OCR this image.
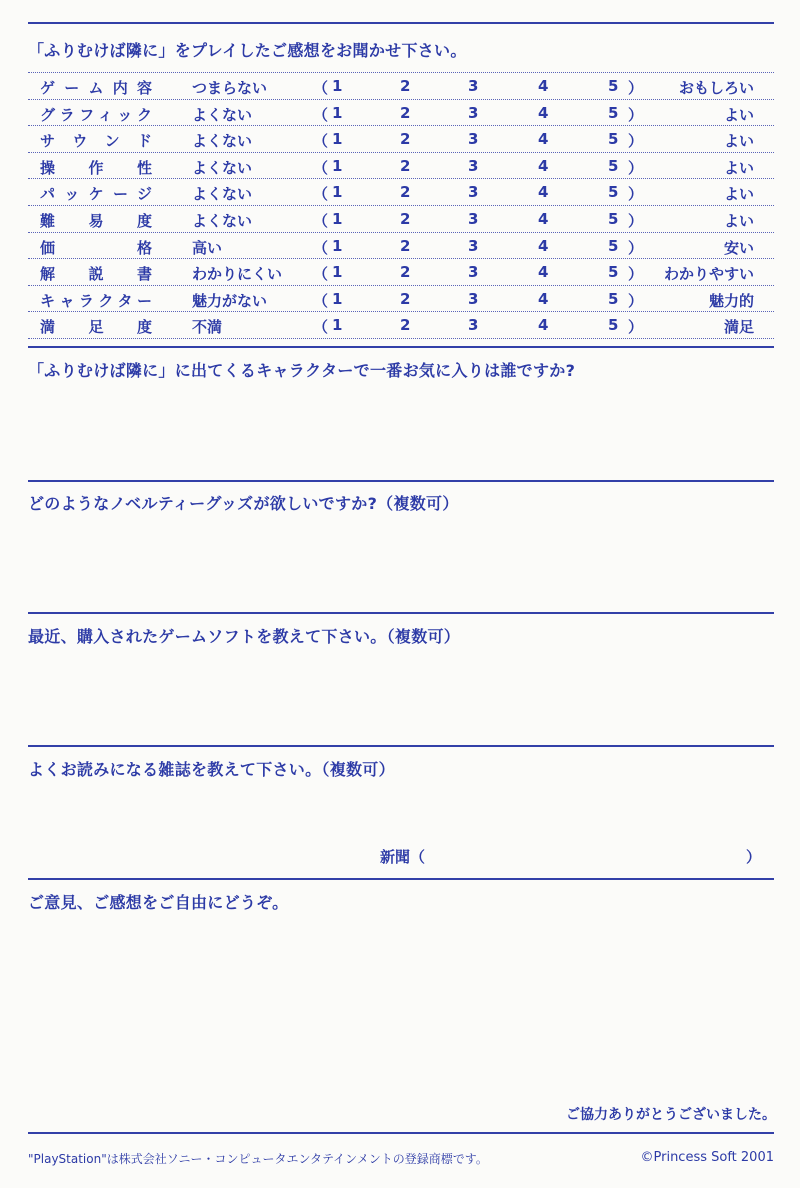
「ふりむけば隣に」をプレイしたご感想をお聞かせ下さい。
ゲーム内容	つまらない	（ 1	2	3	4	5 ） おもしろい
グラフィック	よくない	（ 1	2	3	4	5 ）	よい
サウンド	よくない	（ 1	2	3	4	5 ）	よい
操作性	よくない	（ 1	2	3	4	5 ）	よい
パッケージ	よくない	（ 1	2	3	4	5 ）	よい
難易度	よくない	（ 1	2	3	4	5 ）	よい
価格	高い	（ 1	2	3	4	5 ）	安い
解説書	わかりにくい （ 1	2	3	4	5 ） わかりやすい
キャラクター	魅力がない	（ 1	2	3	4	5 ）	魅力的
満足度	不満	（ 1	2	3	4	5 ）	満足
「ふりむけば隣に」に出てくるキャラクターで一番お気に入りは誰ですか?
どのようなノベルティーグッズが欲しいですか?（複数可）
最近、購入されたゲームソフトを教えて下さい。（複数可）
よくお読みになる雑誌を教えて下さい。（複数可）
新聞（	）
ご意見、ご感想をご自由にどうぞ。
ご協力ありがとうございました。
"PlayStation"は株式会社ソニー・コンピュータエンタテインメントの登録商標です。	©Princess Soft 2001
